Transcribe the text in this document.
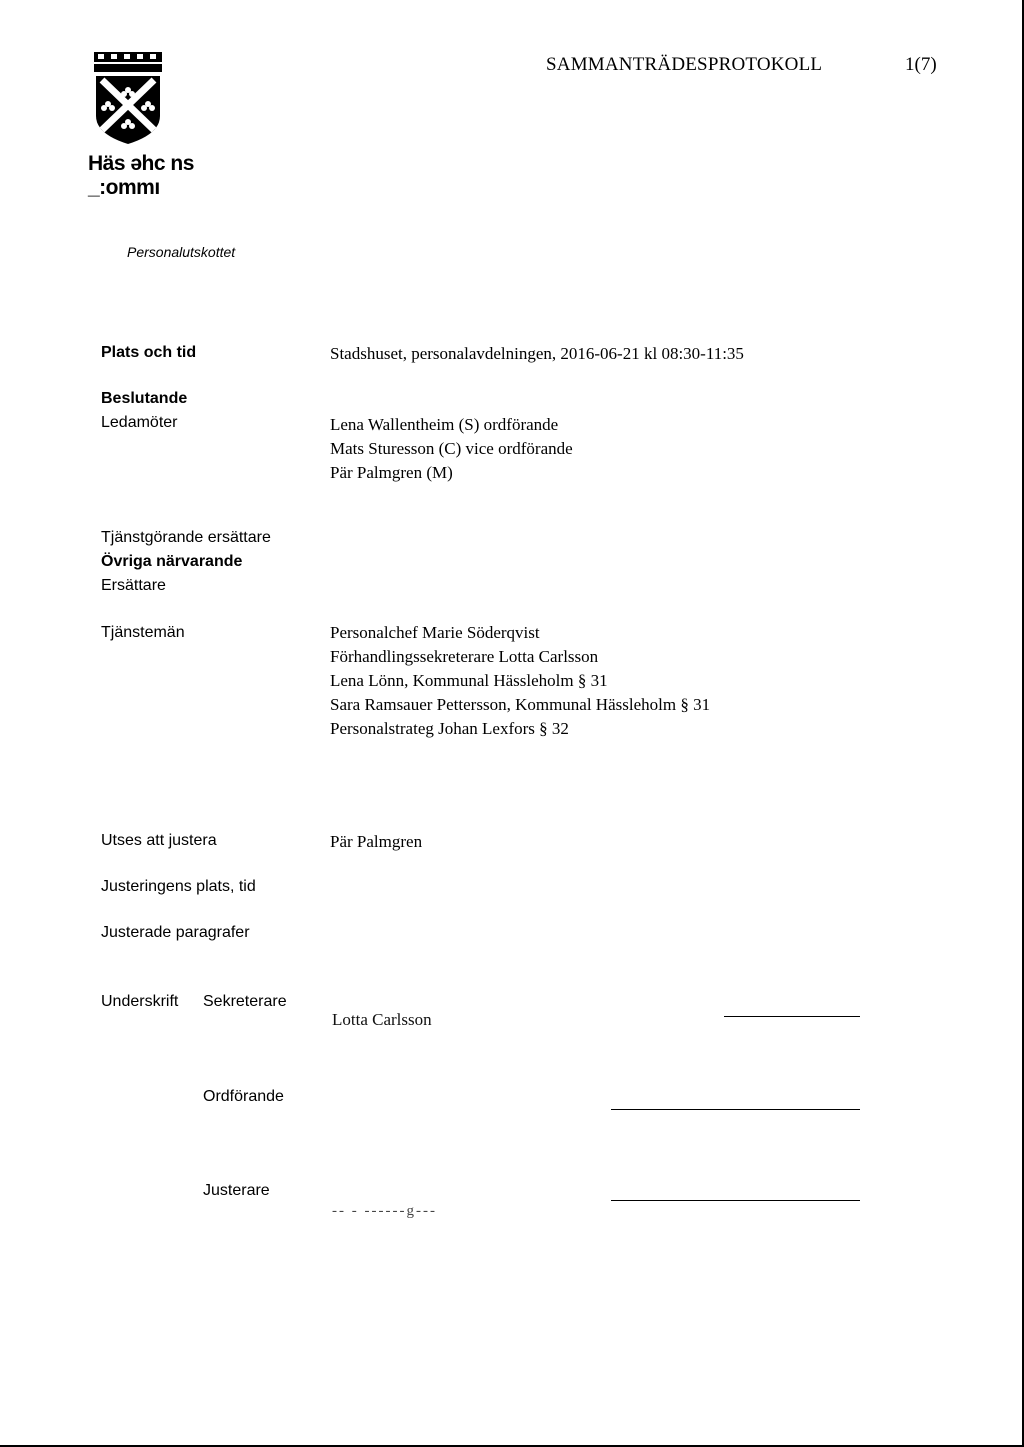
Häs əhc ns
_:ommı
SAMMANTRÄDESPROTOKOLL	1(7)
Personalutskottet
Plats och tid	Stadshuset, personalavdelningen, 2016-06-21 kl 08:30-11:35
Beslutande
Ledamöter	Lena Wallentheim (S) ordförande
Mats Sturesson (C) vice ordförande
Pär Palmgren (M)
Tjänstgörande ersättare
Övriga närvarande
Ersättare
Tjänstemän	Personalchef Marie Söderqvist
Förhandlingssekreterare Lotta Carlsson
Lena Lönn, Kommunal Hässleholm § 31
Sara Ramsauer Pettersson, Kommunal Hässleholm § 31
Personalstrateg Johan Lexfors § 32
Utses att justera	Pär Palmgren
Justeringens plats, tid
Justerade paragrafer
Underskrift Sekreterare
Lotta Carlsson
Ordförande
Justerare
-- - ------g---
